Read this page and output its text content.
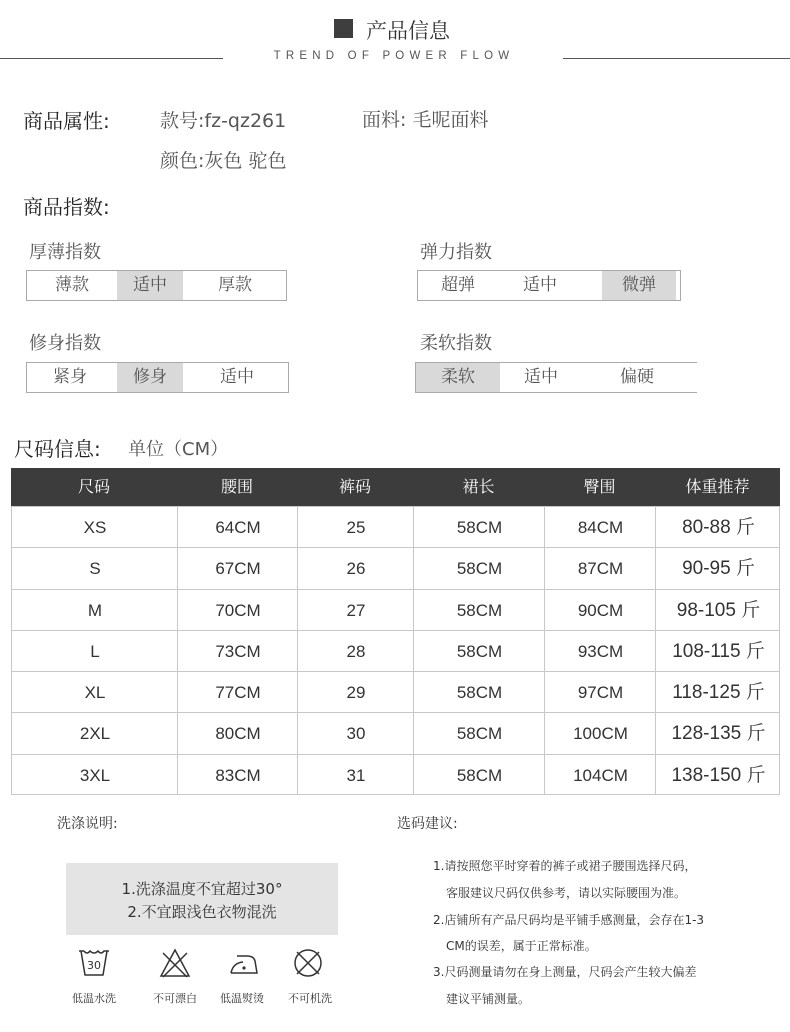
产品信息
TREND OF POWER FLOW
商品属性:	款号:fz-qz261	面料: 毛呢面料
颜色:灰色 驼色
商品指数:
厚薄指数
薄款	适中	厚款
弹力指数
超弹	适中	微弹
修身指数
紧身	修身	适中
柔软指数
柔软	适中	偏硬
尺码信息: 单位（CM）
尺码	腰围	裤码	裙长	臀围	体重推荐
XS	64CM	25	58CM	84CM	80-88 斤
S	67CM	26	58CM	87CM	90-95 斤
M	70CM	27	58CM	90CM	98-105 斤
L	73CM	28	58CM	93CM	108-115 斤
XL	77CM	29	58CM	97CM	118-125 斤
2XL	80CM	30	58CM	100CM	128-135 斤
3XL	83CM	31	58CM	104CM	138-150 斤
洗涤说明:
1.洗涤温度不宜超过30°
2.不宜跟浅色衣物混洗
30
低温水洗	不可漂白	低温熨烫	不可机洗
选码建议:
1.请按照您平时穿着的裤子或裙子腰围选择尺码，
客服建议尺码仅供参考，请以实际腰围为准。
2.店铺所有产品尺码均是平铺手感测量，会存在1-3
CM的误差，属于正常标准。
3.尺码测量请勿在身上测量，尺码会产生较大偏差
建议平铺测量。
